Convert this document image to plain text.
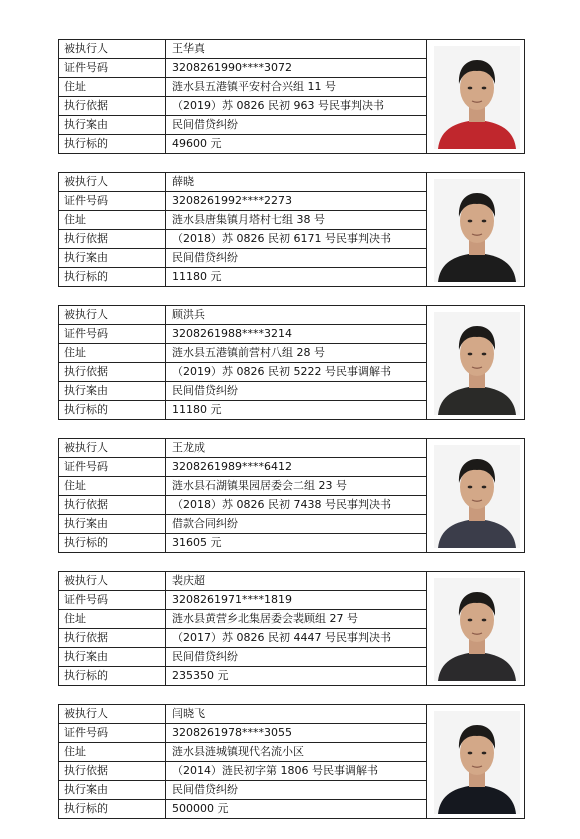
被执行人	王华真
证件号码	3208261990****3072
住址	涟水县五港镇平安村合兴组 11 号
执行依据	（2019）苏 0826 民初 963 号民事判决书
执行案由	民间借贷纠纷
执行标的	49600 元
被执行人	薛晓
证件号码	3208261992****2273
住址	涟水县唐集镇月塔村七组 38 号
执行依据	（2018）苏 0826 民初 6171 号民事判决书
执行案由	民间借贷纠纷
执行标的	11180 元
被执行人	顾洪兵
证件号码	3208261988****3214
住址	涟水县五港镇前营村八组 28 号
执行依据	（2019）苏 0826 民初 5222 号民事调解书
执行案由	民间借贷纠纷
执行标的	11180 元
被执行人	王龙成
证件号码	3208261989****6412
住址	涟水县石湖镇果园居委会二组 23 号
执行依据	（2018）苏 0826 民初 7438 号民事判决书
执行案由	借款合同纠纷
执行标的	31605 元
被执行人	裴庆超
证件号码	3208261971****1819
住址	涟水县黄营乡北集居委会裴顾组 27 号
执行依据	（2017）苏 0826 民初 4447 号民事判决书
执行案由	民间借贷纠纷
执行标的	235350 元
被执行人	闫晓飞
证件号码	3208261978****3055
住址	涟水县涟城镇现代名流小区
执行依据	（2014）涟民初字第 1806 号民事调解书
执行案由	民间借贷纠纷
执行标的	500000 元
